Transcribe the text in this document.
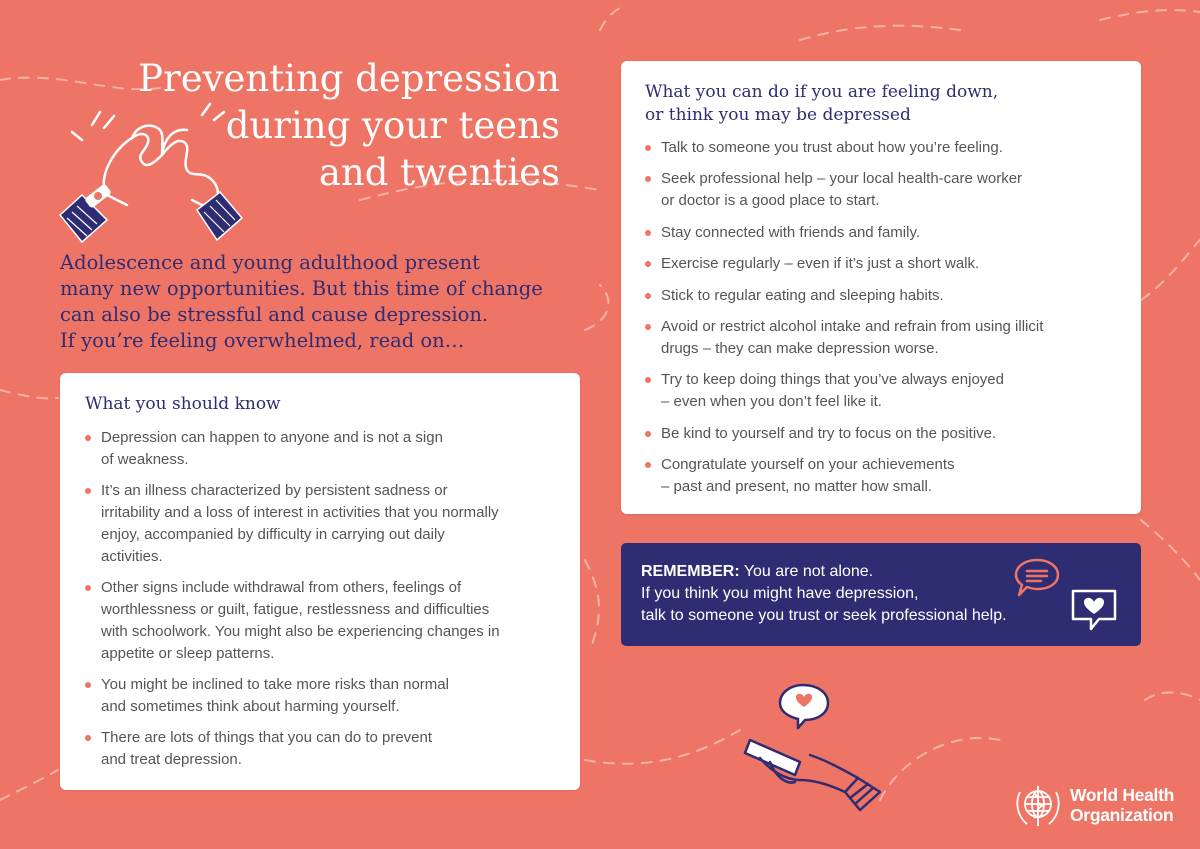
Preventing depression
during your teens
and twenties
Adolescence and young adulthood present
many new opportunities. But this time of change
can also be stressful and cause depression.
If you’re feeling overwhelmed, read on…
What you should know
Depression can happen to anyone and is not a sign
of weakness.
It’s an illness characterized by persistent sadness or
irritability and a loss of interest in activities that you normally
enjoy, accompanied by difficulty in carrying out daily
activities.
Other signs include withdrawal from others, feelings of
worthlessness or guilt, fatigue, restlessness and difficulties
with schoolwork. You might also be experiencing changes in
appetite or sleep patterns.
You might be inclined to take more risks than normal
and sometimes think about harming yourself.
There are lots of things that you can do to prevent
and treat depression.
What you can do if you are feeling down,
or think you may be depressed
Talk to someone you trust about how you’re feeling.
Seek professional help – your local health-care worker
or doctor is a good place to start.
Stay connected with friends and family.
Exercise regularly – even if it’s just a short walk.
Stick to regular eating and sleeping habits.
Avoid or restrict alcohol intake and refrain from using illicit
drugs – they can make depression worse.
Try to keep doing things that you’ve always enjoyed
– even when you don’t feel like it.
Be kind to yourself and try to focus on the positive.
Congratulate yourself on your achievements
– past and present, no matter how small.
REMEMBER: You are not alone.
If you think you might have depression,
talk to someone you trust or seek professional help.
World Health
Organization
